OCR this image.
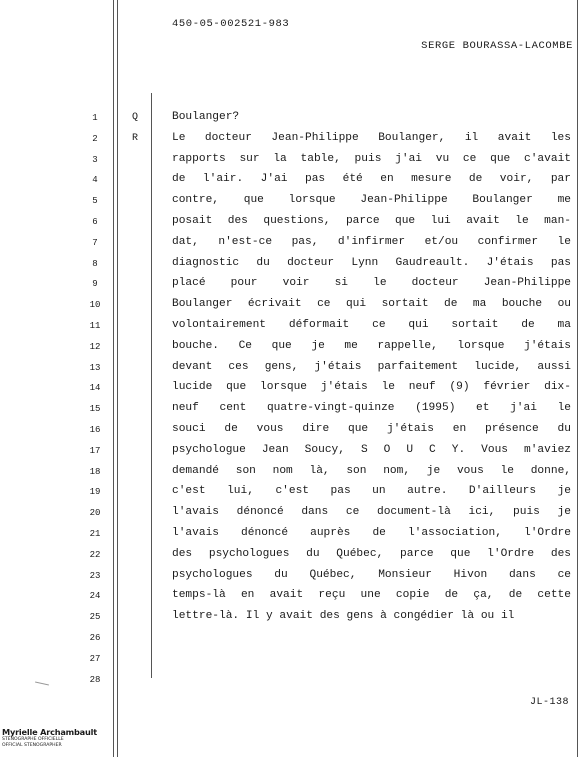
450-05-002521-983
SERGE BOURASSA-LACOMBE
1	Boulanger?
2	Le docteur Jean-Philippe Boulanger, il avait les
3	rapports sur la table, puis j'ai vu ce que c'avait
4	de l'air. J'ai pas été en mesure de voir, par
5	contre, que lorsque Jean-Philippe Boulanger me
6	posait des questions, parce que lui avait le man-
7	dat, n'est-ce pas, d'infirmer et/ou confirmer le
8	diagnostic du docteur Lynn Gaudreault. J'étais pas
9	placé pour voir si le docteur Jean-Philippe
10	Boulanger écrivait ce qui sortait de ma bouche ou
11	volontairement déformait ce qui sortait de ma
12	bouche. Ce que je me rappelle, lorsque j'étais
13	devant ces gens, j'étais parfaitement lucide, aussi
14	lucide que lorsque j'étais le neuf (9) février dix-
15	neuf cent quatre-vingt-quinze (1995) et j'ai le
16	souci de vous dire que j'étais en présence du
17	psychologue Jean Soucy, S O U C Y. Vous m'aviez
18	demandé son nom là, son nom, je vous le donne,
19	c'est lui, c'est pas un autre. D'ailleurs je
20	l'avais dénoncé dans ce document-là ici, puis je
21	l'avais dénoncé auprès de l'association, l'Ordre
22	des psychologues du Québec, parce que l'Ordre des
23	psychologues du Québec, Monsieur Hivon dans ce
24	temps-là en avait reçu une copie de ça, de cette
25	lettre-là. Il y avait des gens à congédier là ou il
26
27
28
Q
R
JL-138
Myrielle Archambault
STÉNOGRAPHE OFFICIELLE
OFFICIAL STENOGRAPHER
